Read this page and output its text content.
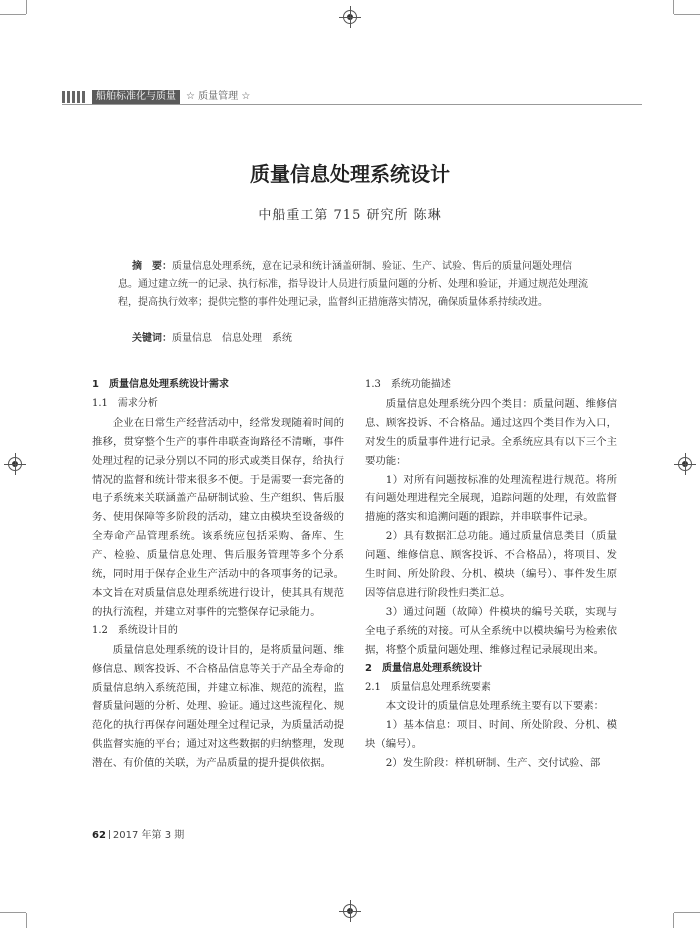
船舶标准化与质量	☆ 质量管理 ☆
质量信息处理系统设计
中船重工第 715 研究所 陈琳
摘　要：质量信息处理系统，意在记录和统计涵盖研制、验证、生产、试验、售后的质量问题处理信息。通过建立统一的记录、执行标准，指导设计人员进行质量问题的分析、处理和验证，并通过规范处理流程，提高执行效率；提供完整的事件处理记录，监督纠正措施落实情况，确保质量体系持续改进。
关键词：质量信息　信息处理　系统
1　质量信息处理系统设计需求
1.1　需求分析

企业在日常生产经营活动中，经常发现随着时间的推移，贯穿整个生产的事件串联查询路径不清晰，事件处理过程的记录分别以不同的形式或类目保存，给执行情况的监督和统计带来很多不便。于是需要一套完备的电子系统来关联涵盖产品研制试验、生产组织、售后服务、使用保障等多阶段的活动，建立由模块至设备级的全寿命产品管理系统。该系统应包括采购、备库、生产、检验、质量信息处理、售后服务管理等多个分系统，同时用于保存企业生产活动中的各项事务的记录。本文旨在对质量信息处理系统进行设计，使其具有规范的执行流程，并建立对事件的完整保存记录能力。

1.2　系统设计目的

质量信息处理系统的设计目的，是将质量问题、维修信息、顾客投诉、不合格品信息等关于产品全寿命的质量信息纳入系统范围，并建立标准、规范的流程，监督质量问题的分析、处理、验证。通过这些流程化、规范化的执行再保存问题处理全过程记录，为质量活动提供监督实施的平台；通过对这些数据的归纳整理，发现潜在、有价值的关联，为产品质量的提升提供依据。

1.3　系统功能描述

质量信息处理系统分四个类目：质量问题、维修信息、顾客投诉、不合格品。通过这四个类目作为入口，对发生的质量事件进行记录。全系统应具有以下三个主要功能：

1）对所有问题按标准的处理流程进行规范。将所有问题处理进程完全展现，追踪问题的处理，有效监督措施的落实和追溯问题的跟踪，并串联事件记录。

2）具有数据汇总功能。通过质量信息类目（质量问题、维修信息、顾客投诉、不合格品），将项目、发生时间、所处阶段、分机、模块（编号）、事件发生原因等信息进行阶段性归类汇总。

3）通过问题（故障）件模块的编号关联，实现与全电子系统的对接。可从全系统中以模块编号为检索依据，将整个质量问题处理、维修过程记录展现出来。

2　质量信息处理系统设计
2.1　质量信息处理系统要素

本文设计的质量信息处理系统主要有以下要素：

1）基本信息：项目、时间、所处阶段、分机、模块（编号）。

2）发生阶段：样机研制、生产、交付试验、部

62 2017 年第 3 期
